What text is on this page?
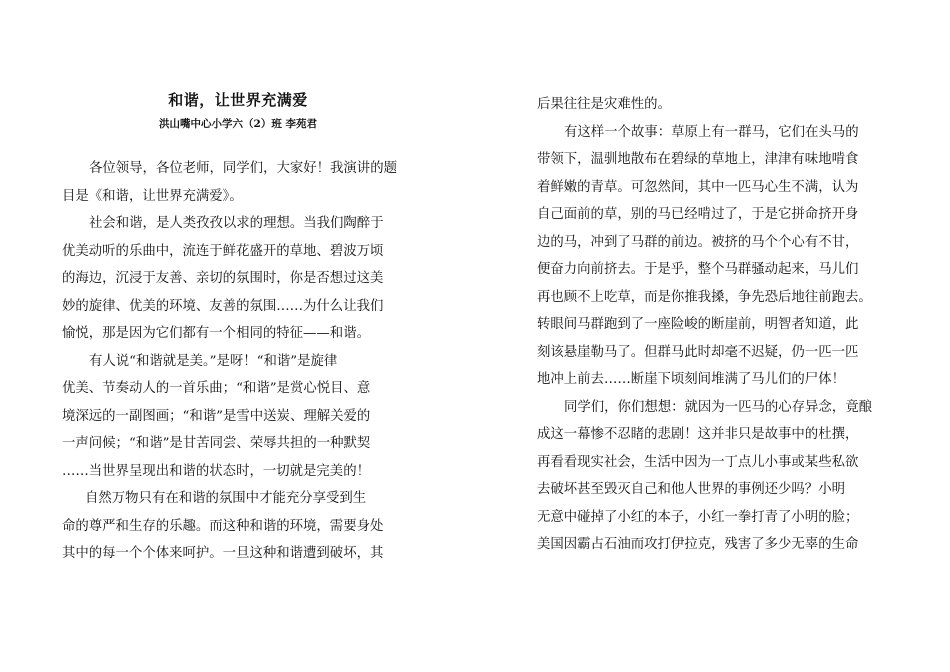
和谐，让世界充满爱
洪山嘴中心小学六（2）班 李苑君
各位领导，各位老师，同学们，大家好！我演讲的题
目是《和谐，让世界充满爱》。
社会和谐，是人类孜孜以求的理想。当我们陶醉于
优美动听的乐曲中，流连于鲜花盛开的草地、碧波万顷
的海边，沉浸于友善、亲切的氛围时，你是否想过这美
妙的旋律、优美的环境、友善的氛围……为什么让我们
愉悦，那是因为它们都有一个相同的特征——和谐。
有人说“和谐就是美。”是呀！“和谐”是旋律
优美、节奏动人的一首乐曲；“和谐”是赏心悦目、意
境深远的一副图画；“和谐”是雪中送炭、理解关爱的
一声问候；“和谐”是甘苦同尝、荣辱共担的一种默契
……当世界呈现出和谐的状态时，一切就是完美的！
自然万物只有在和谐的氛围中才能充分享受到生
命的尊严和生存的乐趣。而这种和谐的环境，需要身处
其中的每一个个体来呵护。一旦这种和谐遭到破坏，其
后果往往是灾难性的。
有这样一个故事：草原上有一群马，它们在头马的
带领下，温驯地散布在碧绿的草地上，津津有味地啃食
着鲜嫩的青草。可忽然间，其中一匹马心生不满，认为
自己面前的草，别的马已经啃过了，于是它拼命挤开身
边的马，冲到了马群的前边。被挤的马个个心有不甘，
便奋力向前挤去。于是乎，整个马群骚动起来，马儿们
再也顾不上吃草，而是你推我搡，争先恐后地往前跑去。
转眼间马群跑到了一座险峻的断崖前，明智者知道，此
刻该悬崖勒马了。但群马此时却毫不迟疑，仍一匹一匹
地冲上前去……断崖下顷刻间堆满了马儿们的尸体！
同学们，你们想想：就因为一匹马的心存异念，竟酿
成这一幕惨不忍睹的悲剧！这并非只是故事中的杜撰，
再看看现实社会，生活中因为一丁点儿小事或某些私欲
去破坏甚至毁灭自己和他人世界的事例还少吗？小明
无意中碰掉了小红的本子，小红一拳打青了小明的脸；
美国因霸占石油而攻打伊拉克，残害了多少无辜的生命
